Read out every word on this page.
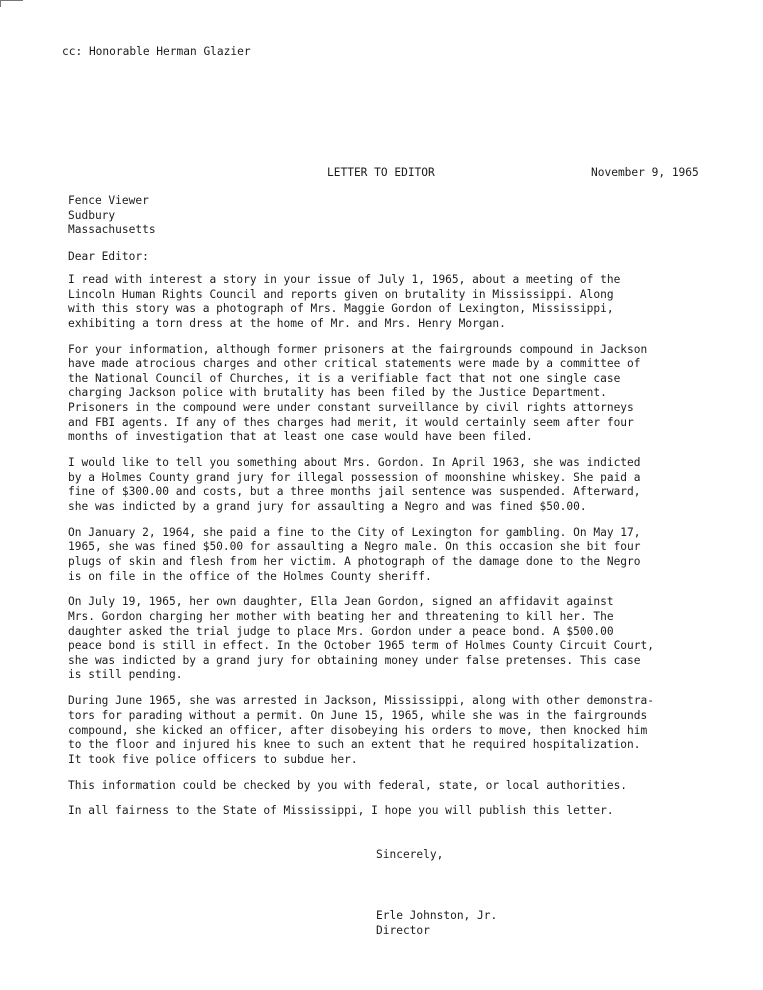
cc: Honorable Herman Glazier
LETTER TO EDITOR	November 9, 1965
Fence Viewer
Sudbury
Massachusetts
Dear Editor:

I read with interest a story in your issue of July 1, 1965, about a meeting of the
Lincoln Human Rights Council and reports given on brutality in Mississippi. Along
with this story was a photograph of Mrs. Maggie Gordon of Lexington, Mississippi,
exhibiting a torn dress at the home of Mr. and Mrs. Henry Morgan.

For your information, although former prisoners at the fairgrounds compound in Jackson
have made atrocious charges and other critical statements were made by a committee of
the National Council of Churches, it is a verifiable fact that not one single case
charging Jackson police with brutality has been filed by the Justice Department.
Prisoners in the compound were under constant surveillance by civil rights attorneys
and FBI agents. If any of thes charges had merit, it would certainly seem after four
months of investigation that at least one case would have been filed.

I would like to tell you something about Mrs. Gordon. In April 1963, she was indicted
by a Holmes County grand jury for illegal possession of moonshine whiskey. She paid a
fine of $300.00 and costs, but a three months jail sentence was suspended. Afterward,
she was indicted by a grand jury for assaulting a Negro and was fined $50.00.

On January 2, 1964, she paid a fine to the City of Lexington for gambling. On May 17,
1965, she was fined $50.00 for assaulting a Negro male. On this occasion she bit four
plugs of skin and flesh from her victim. A photograph of the damage done to the Negro
is on file in the office of the Holmes County sheriff.

On July 19, 1965, her own daughter, Ella Jean Gordon, signed an affidavit against
Mrs. Gordon charging her mother with beating her and threatening to kill her. The
daughter asked the trial judge to place Mrs. Gordon under a peace bond. A $500.00
peace bond is still in effect. In the October 1965 term of Holmes County Circuit Court,
she was indicted by a grand jury for obtaining money under false pretenses. This case
is still pending.

During June 1965, she was arrested in Jackson, Mississippi, along with other demonstra-
tors for parading without a permit. On June 15, 1965, while she was in the fairgrounds
compound, she kicked an officer, after disobeying his orders to move, then knocked him
to the floor and injured his knee to such an extent that he required hospitalization.
It took five police officers to subdue her.

This information could be checked by you with federal, state, or local authorities.

In all fairness to the State of Mississippi, I hope you will publish this letter.

Sincerely,
Erle Johnston, Jr.
Director
